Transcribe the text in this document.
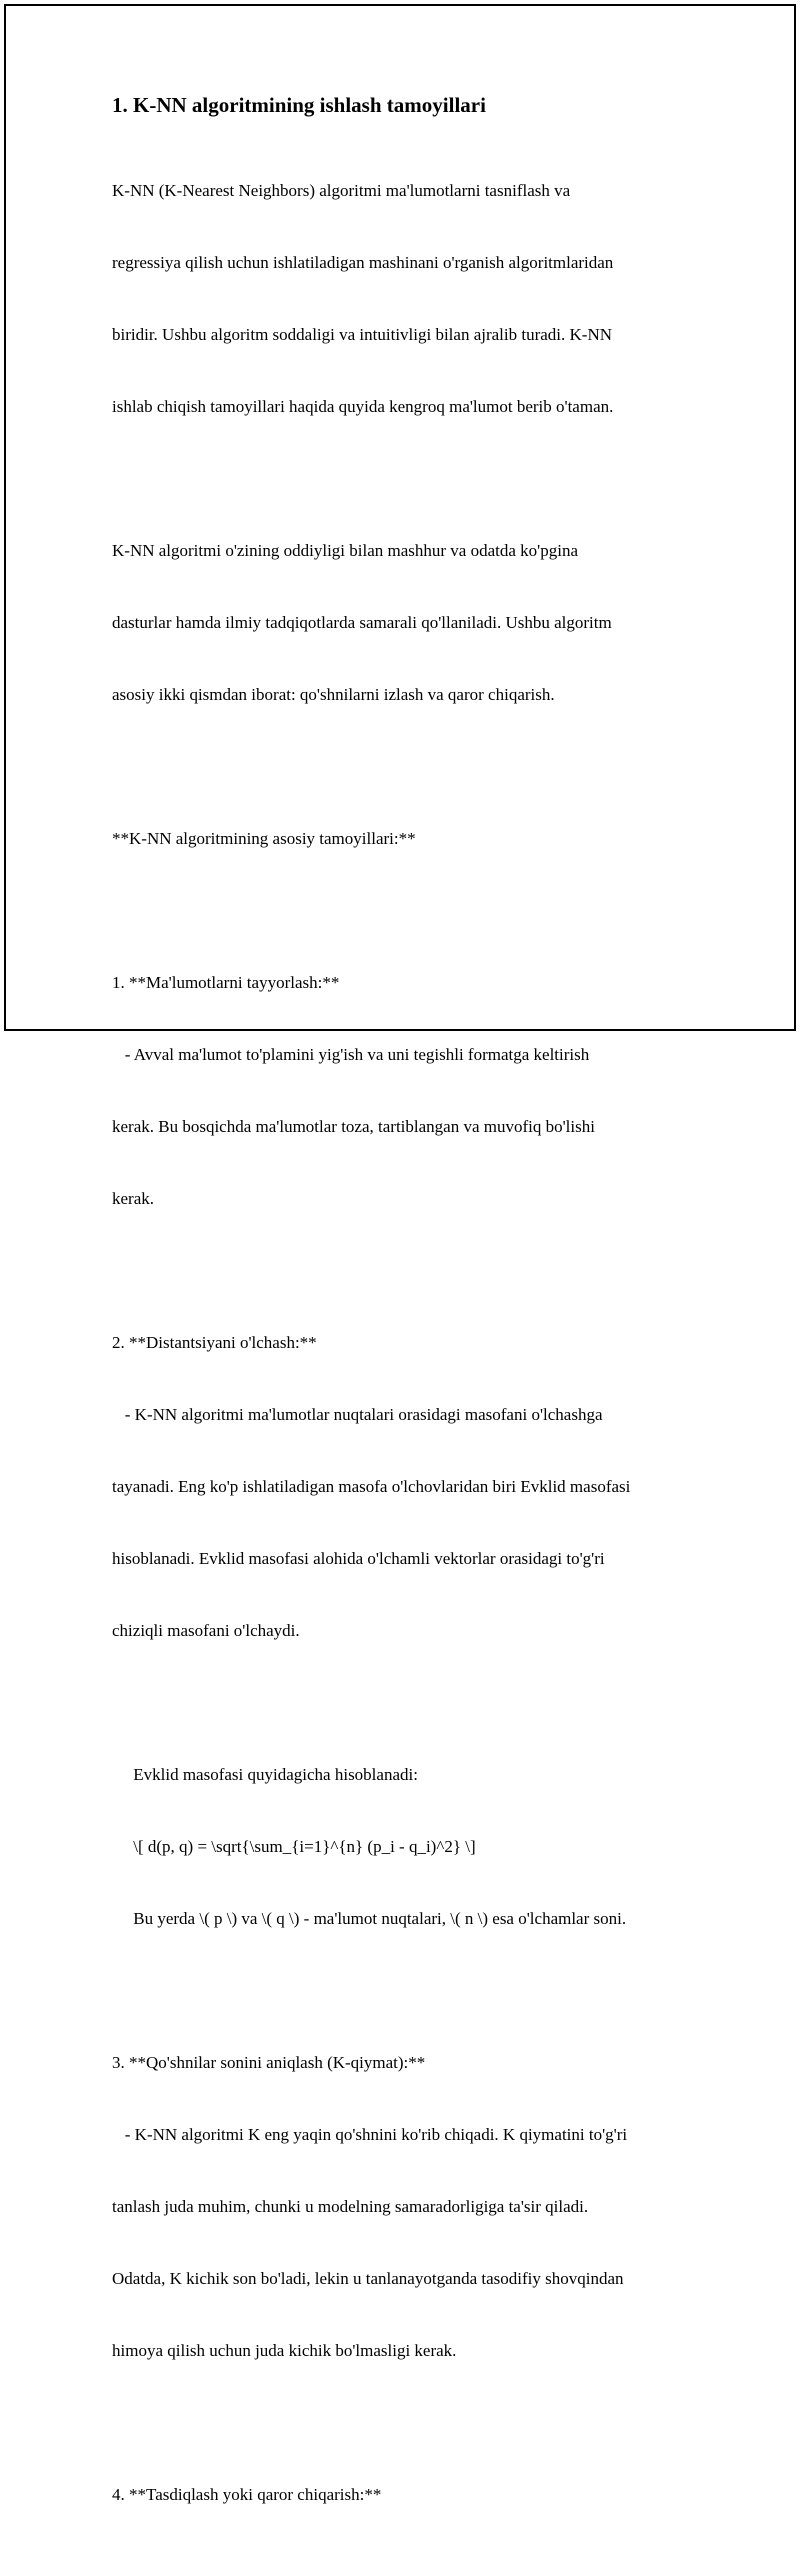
1. K-NN algoritmining ishlash tamoyillari

K-NN (K-Nearest Neighbors) algoritmi ma'lumotlarni tasniflash va

regressiya qilish uchun ishlatiladigan mashinani o'rganish algoritmlaridan

biridir. Ushbu algoritm soddaligi va intuitivligi bilan ajralib turadi. K-NN

ishlab chiqish tamoyillari haqida quyida kengroq ma'lumot berib o'taman.

K-NN algoritmi o'zining oddiyligi bilan mashhur va odatda ko'pgina

dasturlar hamda ilmiy tadqiqotlarda samarali qo'llaniladi. Ushbu algoritm

asosiy ikki qismdan iborat: qo'shnilarni izlash va qaror chiqarish.

**K-NN algoritmining asosiy tamoyillari:**

1. **Ma'lumotlarni tayyorlash:**

- Avval ma'lumot to'plamini yig'ish va uni tegishli formatga keltirish

kerak. Bu bosqichda ma'lumotlar toza, tartiblangan va muvofiq bo'lishi

kerak.

2. **Distantsiyani o'lchash:**

- K-NN algoritmi ma'lumotlar nuqtalari orasidagi masofani o'lchashga

tayanadi. Eng ko'p ishlatiladigan masofa o'lchovlaridan biri Evklid masofasi

hisoblanadi. Evklid masofasi alohida o'lchamli vektorlar orasidagi to'g'ri

chiziqli masofani o'lchaydi.

Evklid masofasi quyidagicha hisoblanadi:

\[ d(p, q) = \sqrt{\sum_{i=1}^{n} (p_i - q_i)^2} \]

Bu yerda \( p \) va \( q \) - ma'lumot nuqtalari, \( n \) esa o'lchamlar soni.

3. **Qo'shnilar sonini aniqlash (K-qiymat):**

- K-NN algoritmi K eng yaqin qo'shnini ko'rib chiqadi. K qiymatini to'g'ri

tanlash juda muhim, chunki u modelning samaradorligiga ta'sir qiladi.

Odatda, K kichik son bo'ladi, lekin u tanlanayotganda tasodifiy shovqindan

himoya qilish uchun juda kichik bo'lmasligi kerak.

4. **Tasdiqlash yoki qaror chiqarish:**
